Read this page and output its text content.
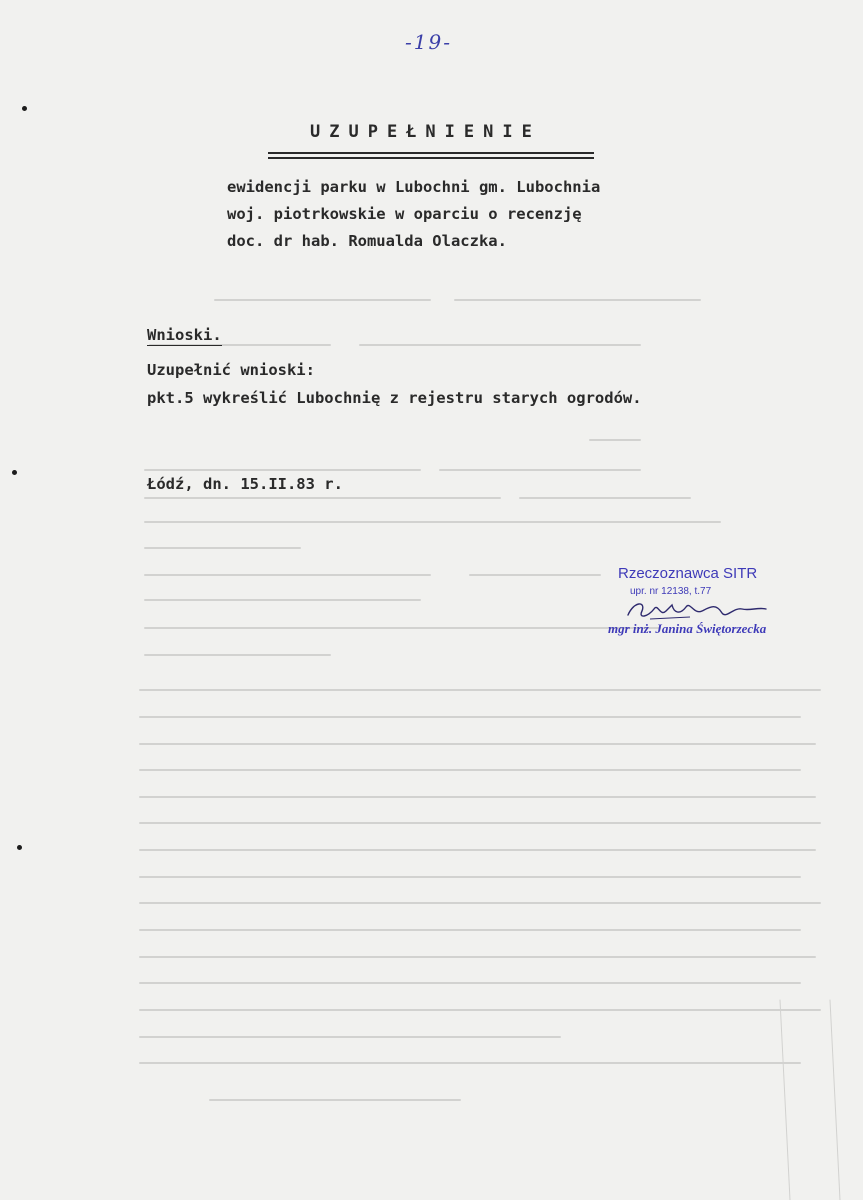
-19-
UZUPEŁNIENIE
ewidencji parku w Lubochni gm. Lubochnia
woj. piotrkowskie w oparciu o recenzję
doc. dr hab. Romualda Olaczka.
Wnioski.
Uzupełnić wnioski:
pkt.5 wykreślić Lubochnię z rejestru starych ogrodów.
Łódź, dn. 15.II.83 r.
Rzeczoznawca SITR
upr. nr 12138, t.77
mgr inż. Janina Świętorzecka
